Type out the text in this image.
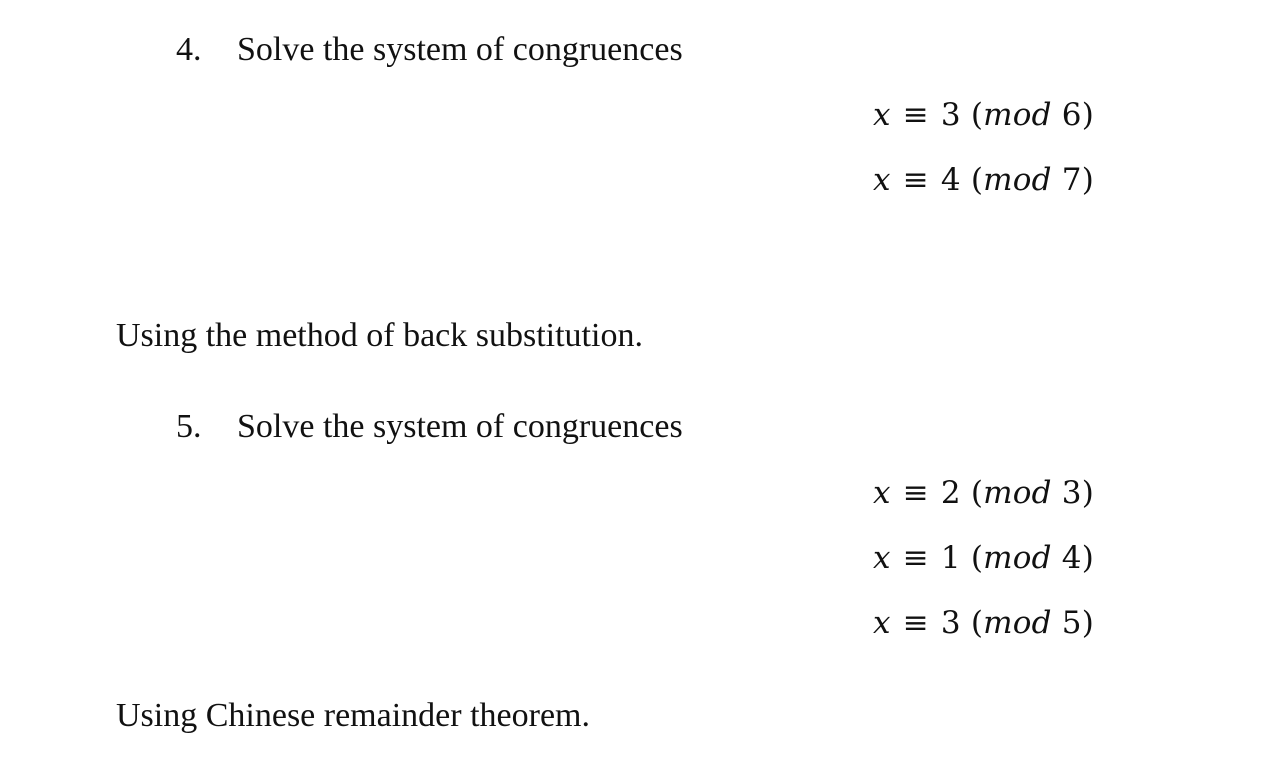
4. Solve the system of congruences
x ≡ 3 (mod 6)
x ≡ 4 (mod 7)
Using the method of back substitution.
5. Solve the system of congruences
x ≡ 2 (mod 3)
x ≡ 1 (mod 4)
x ≡ 3 (mod 5)
Using Chinese remainder theorem.
